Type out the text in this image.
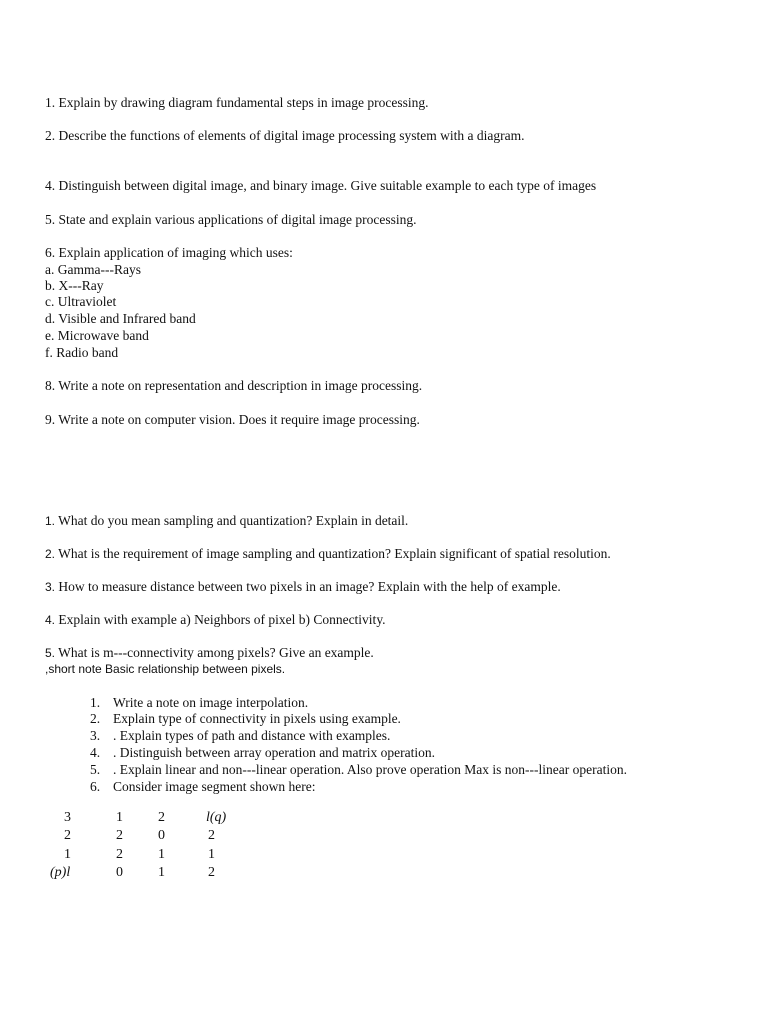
1. Explain by drawing diagram fundamental steps in image processing.
2. Describe the functions of elements of digital image processing system with a diagram.
4. Distinguish between digital image, and binary image. Give suitable example to each type of images
5. State and explain various applications of digital image processing.
6. Explain application of imaging which uses:
a. Gamma---Rays
b. X---Ray
c. Ultraviolet
d. Visible and Infrared band
e. Microwave band
f. Radio band
8. Write a note on representation and description in image processing.
9. Write a note on computer vision. Does it require image processing.
1. What do you mean sampling and quantization? Explain in detail.
2. What is the requirement of image sampling and quantization? Explain significant of spatial resolution.
3. How to measure distance between two pixels in an image? Explain with the help of example.
4. Explain with example a) Neighbors of pixel b) Connectivity.
5. What is m---connectivity among pixels? Give an example.
,short note Basic relationship between pixels.
1. Write a note on image interpolation.
2. Explain type of connectivity in pixels using example.
3. . Explain types of path and distance with examples.
4. . Distinguish between array operation and matrix operation.
5. . Explain linear and non---linear operation. Also prove operation Max is non---linear operation.
6. Consider image segment shown here:
3	1	2	l(q)
2	2	0	2
1	2	1	1
(p)l	0	1	2
